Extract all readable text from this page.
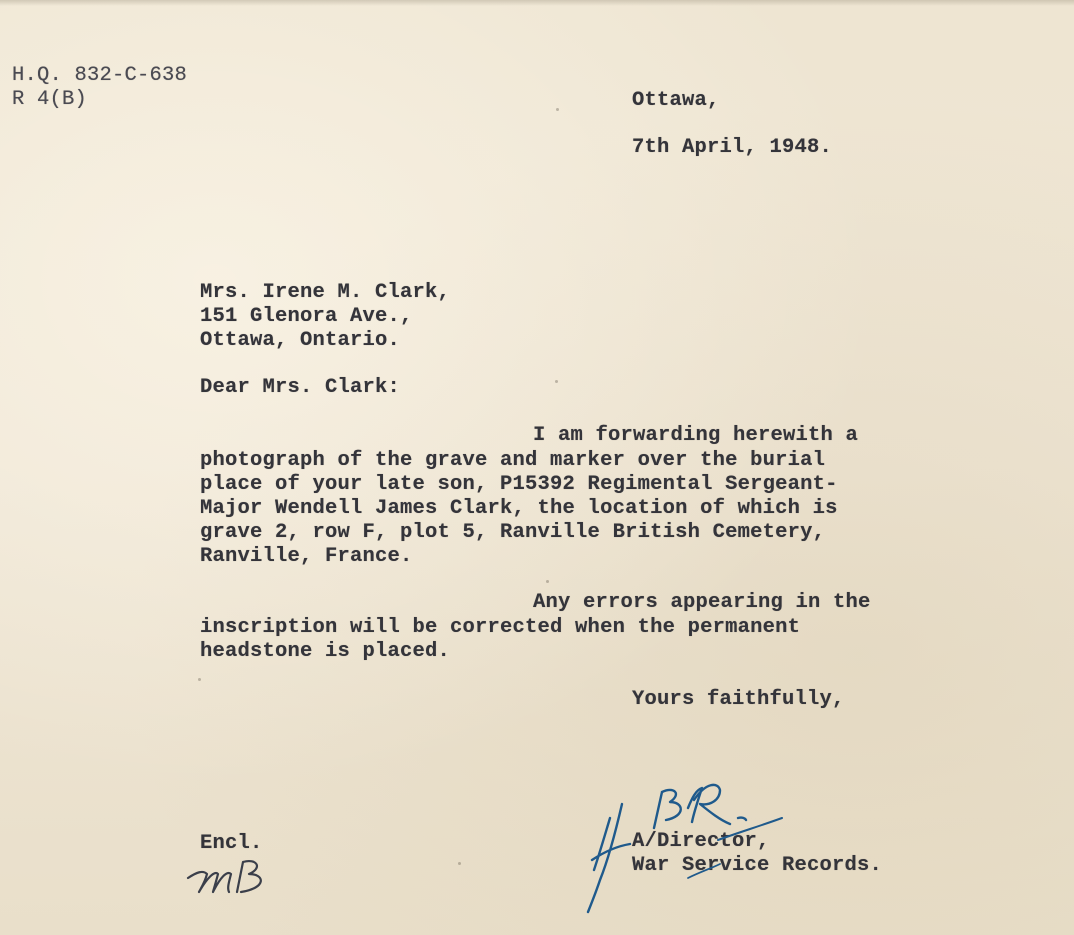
H.Q. 832-C-638
R 4(B)	Ottawa,
7th April, 1948.
Mrs. Irene M. Clark,
151 Glenora Ave.,
Ottawa, Ontario.
Dear Mrs. Clark:
I am forwarding herewith a
photograph of the grave and marker over the burial
place of your late son, P15392 Regimental Sergeant-
Major Wendell James Clark, the location of which is
grave 2, row F, plot 5, Ranville British Cemetery,
Ranville, France.
Any errors appearing in the
inscription will be corrected when the permanent
headstone is placed.
Yours faithfully,
Encl.	A/Director,
War Service Records.
